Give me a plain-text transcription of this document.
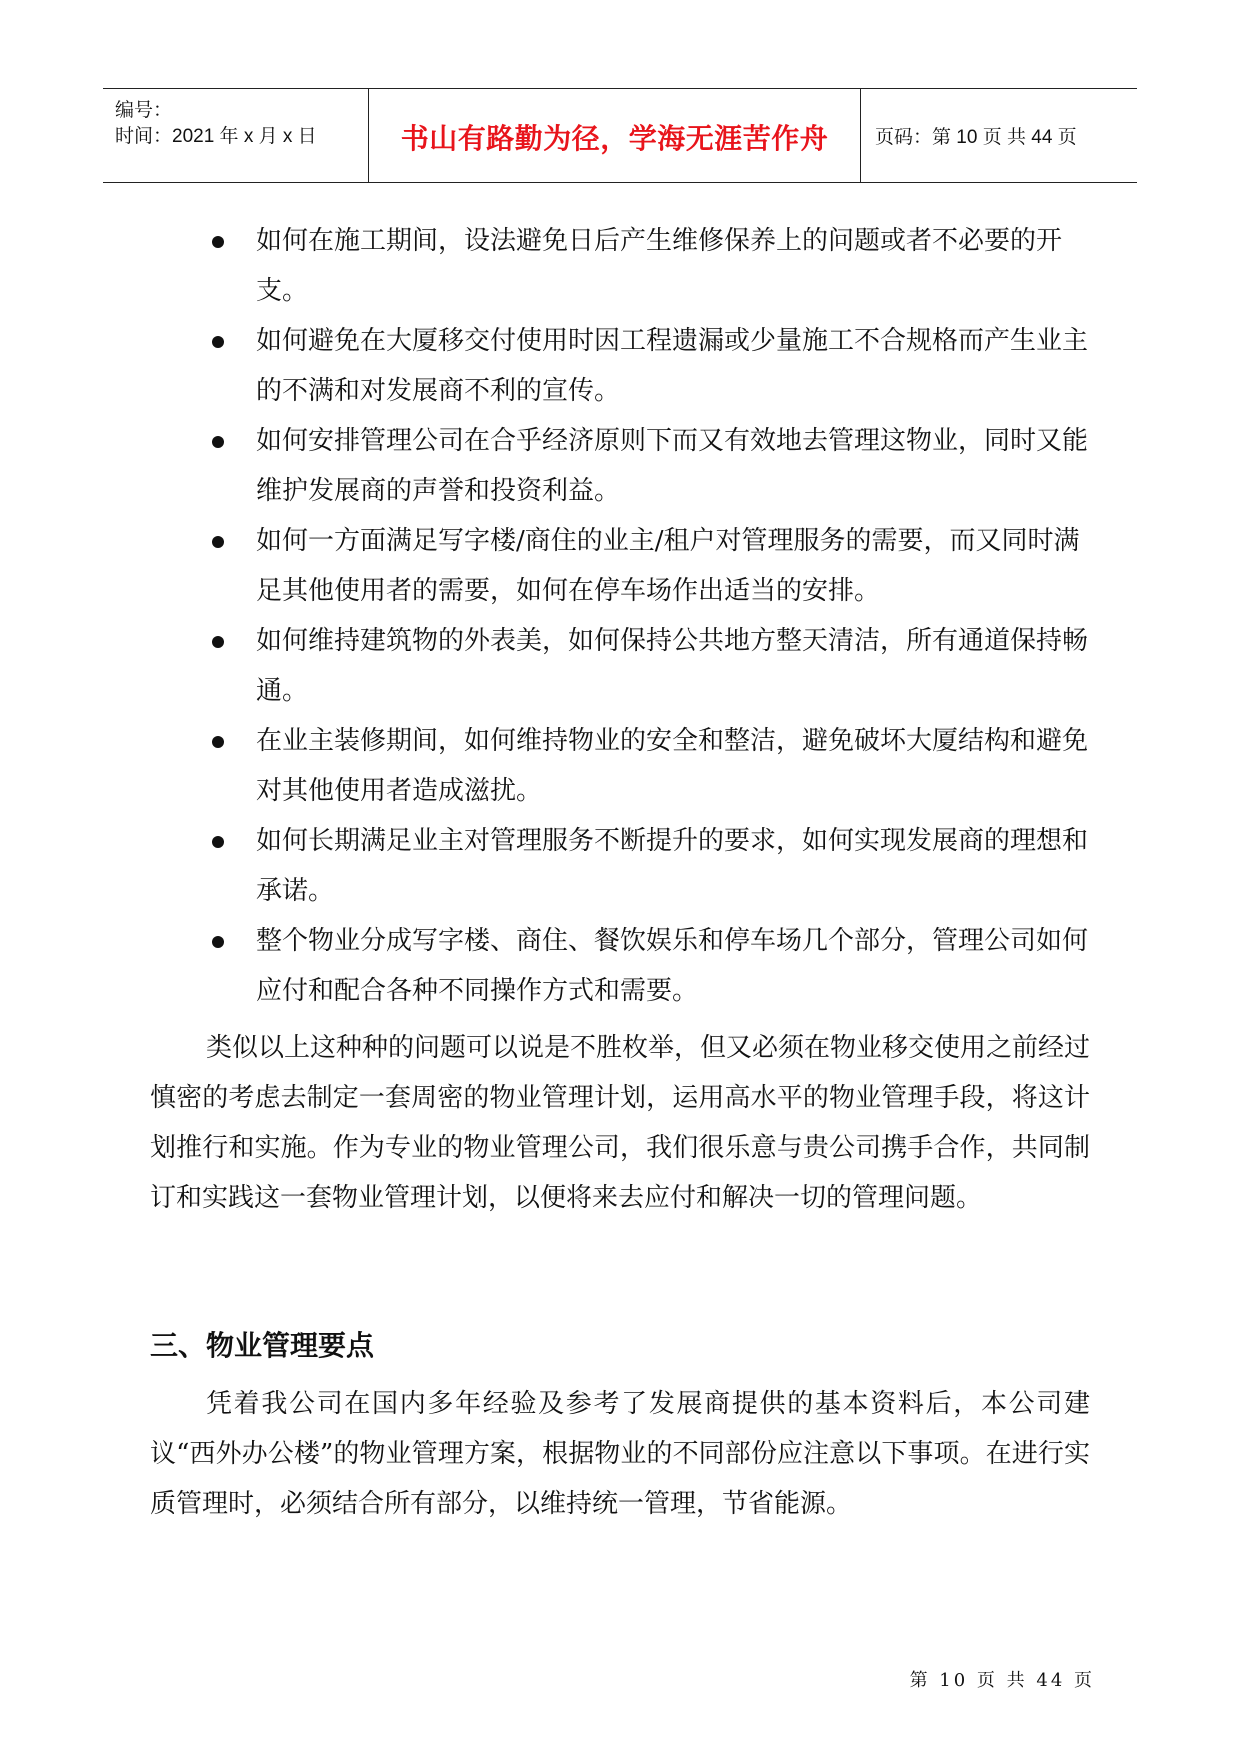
编号：
时间：2021 年 x 月 x 日	书山有路勤为径，学海无涯苦作舟 页码：第 10 页 共 44 页
如何在施工期间，设法避免日后产生维修保养上的问题或者不必要的开支。
如何避免在大厦移交付使用时因工程遗漏或少量施工不合规格而产生业主的不满和对发展商不利的宣传。
如何安排管理公司在合乎经济原则下而又有效地去管理这物业，同时又能维护发展商的声誉和投资利益。
如何一方面满足写字楼/商住的业主/租户对管理服务的需要，而又同时满足其他使用者的需要，如何在停车场作出适当的安排。
如何维持建筑物的外表美，如何保持公共地方整天清洁，所有通道保持畅通。
在业主装修期间，如何维持物业的安全和整洁，避免破坏大厦结构和避免对其他使用者造成滋扰。
如何长期满足业主对管理服务不断提升的要求，如何实现发展商的理想和承诺。
整个物业分成写字楼、商住、餐饮娱乐和停车场几个部分，管理公司如何应付和配合各种不同操作方式和需要。

类似以上这种种的问题可以说是不胜枚举，但又必须在物业移交使用之前经过慎密的考虑去制定一套周密的物业管理计划，运用高水平的物业管理手段，将这计划推行和实施。作为专业的物业管理公司，我们很乐意与贵公司携手合作，共同制订和实践这一套物业管理计划，以便将来去应付和解决一切的管理问题。

三、物业管理要点

凭着我公司在国内多年经验及参考了发展商提供的基本资料后，本公司建议“西外办公楼”的物业管理方案，根据物业的不同部份应注意以下事项。在进行实质管理时，必须结合所有部分，以维持统一管理，节省能源。

第 10 页 共 44 页
